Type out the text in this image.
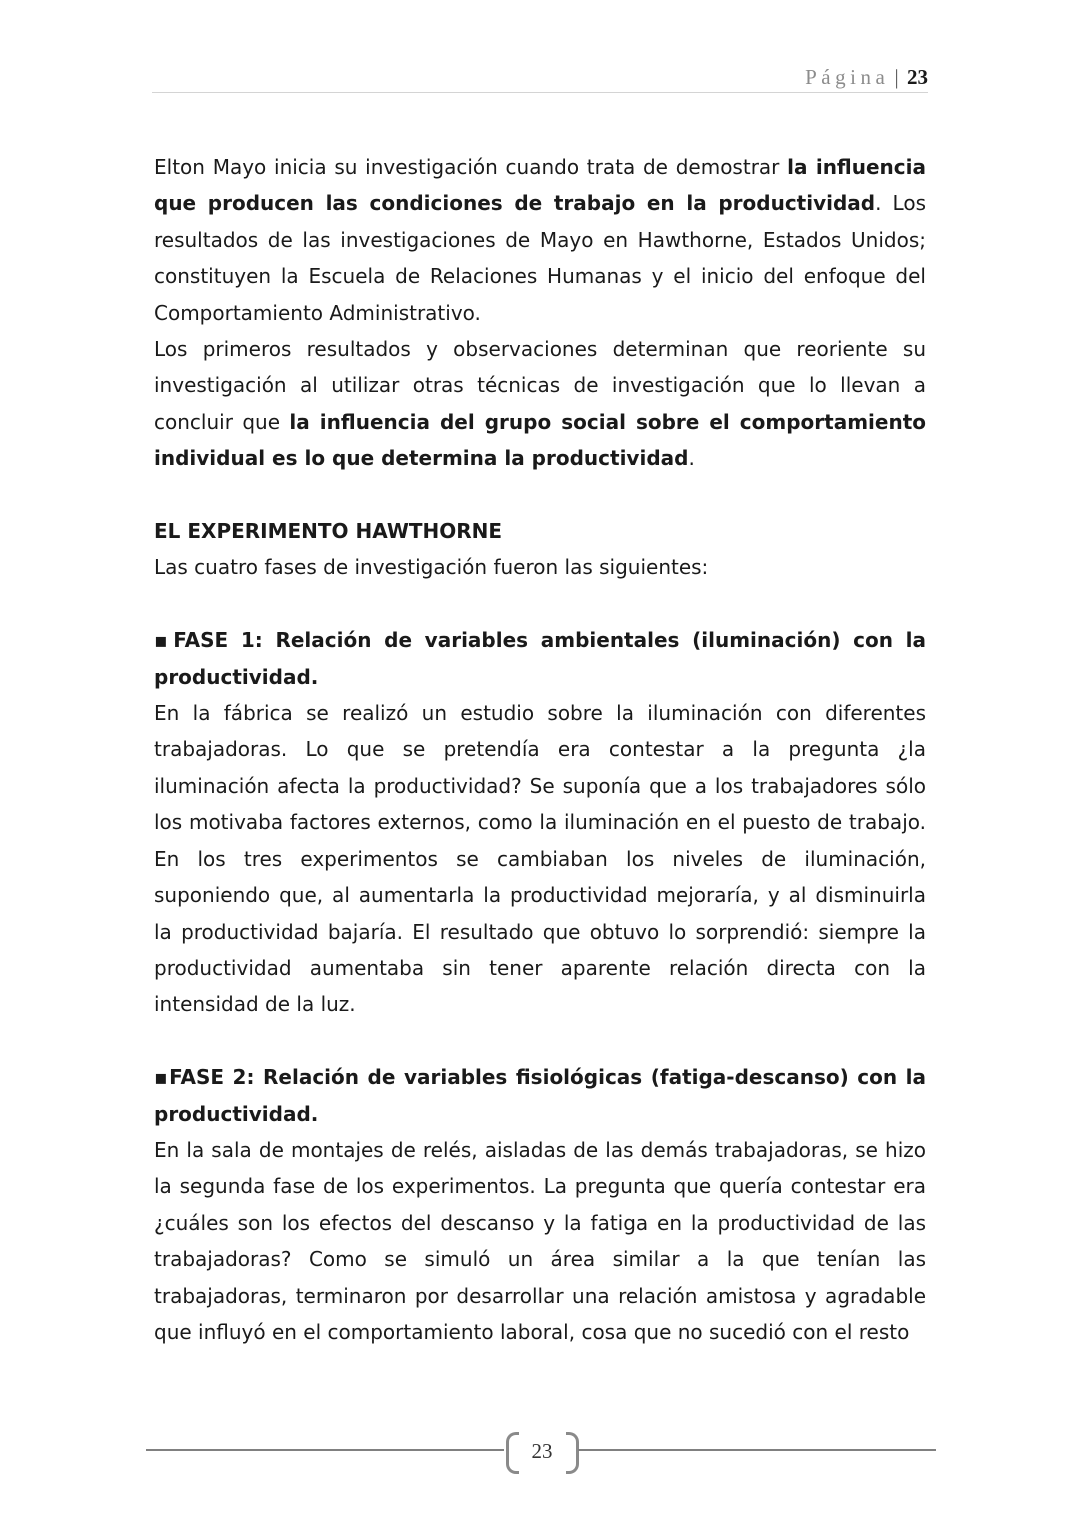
Página | 23

Elton Mayo inicia su investigación cuando trata de demostrar la influencia que producen las condiciones de trabajo en la productividad. Los resultados de las investigaciones de Mayo en Hawthorne, Estados Unidos; constituyen la Escuela de Relaciones Humanas y el inicio del enfoque del Comportamiento Administrativo.

Los primeros resultados y observaciones determinan que reoriente su investigación al utilizar otras técnicas de investigación que lo llevan a concluir que la influencia del grupo social sobre el comportamiento individual es lo que determina la productividad.

EL EXPERIMENTO HAWTHORNE

Las cuatro fases de investigación fueron las siguientes:

▪FASE 1: Relación de variables ambientales (iluminación) con la productividad.

En la fábrica se realizó un estudio sobre la iluminación con diferentes trabajadoras. Lo que se pretendía era contestar a la pregunta ¿la iluminación afecta la productividad? Se suponía que a los trabajadores sólo los motivaba factores externos, como la iluminación en el puesto de trabajo. En los tres experimentos se cambiaban los niveles de iluminación, suponiendo que, al aumentarla la productividad mejoraría, y al disminuirla la productividad bajaría. El resultado que obtuvo lo sorprendió: siempre la productividad aumentaba sin tener aparente relación directa con la intensidad de la luz.

▪FASE 2: Relación de variables fisiológicas (fatiga-descanso) con la productividad.

En la sala de montajes de relés, aisladas de las demás trabajadoras, se hizo la segunda fase de los experimentos. La pregunta que quería contestar era ¿cuáles son los efectos del descanso y la fatiga en la productividad de las trabajadoras? Como se simuló un área similar a la que tenían las trabajadoras, terminaron por desarrollar una relación amistosa y agradable que influyó en el comportamiento laboral, cosa que no sucedió con el resto

23
